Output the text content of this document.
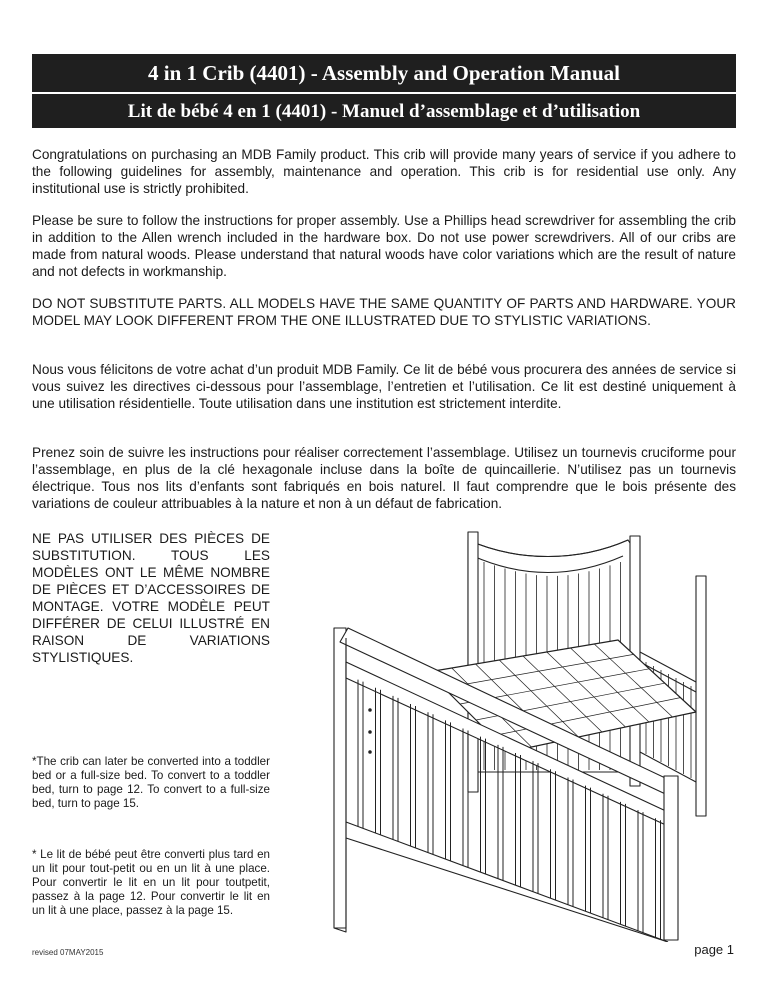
4 in 1 Crib (4401) - Assembly and Operation Manual
Lit de bébé 4 en 1 (4401) - Manuel d’assemblage et d’utilisation

Congratulations on purchasing an MDB Family product. This crib will provide many years of service if you adhere to the following guidelines for assembly, maintenance and operation. This crib is for residential use only. Any institutional use is strictly prohibited.

Please be sure to follow the instructions for proper assembly. Use a Phillips head screwdriver for assembling the crib in addition to the Allen wrench included in the hardware box. Do not use power screwdrivers. All of our cribs are made from natural woods. Please understand that natural woods have color variations which are the result of nature and not defects in workmanship.

DO NOT SUBSTITUTE PARTS. ALL MODELS HAVE THE SAME QUANTITY OF PARTS AND HARDWARE. YOUR MODEL MAY LOOK DIFFERENT FROM THE ONE ILLUSTRATED DUE TO STYLISTIC VARIATIONS.

Nous vous félicitons de votre achat d’un produit MDB Family. Ce lit de bébé vous procurera des années de service si vous suivez les directives ci-dessous pour l’assemblage, l’entretien et l’utilisation. Ce lit est destiné uniquement à une utilisation résidentielle. Toute utilisation dans une institution est strictement interdite.

Prenez soin de suivre les instructions pour réaliser correctement l’assemblage. Utilisez un tournevis cruciforme pour l’assemblage, en plus de la clé hexagonale incluse dans la boîte de quincaillerie. N’utilisez pas un tournevis électrique. Tous nos lits d’enfants sont fabriqués en bois naturel. Il faut comprendre que le bois présente des variations de couleur attribuables à la nature et non à un défaut de fabrication.

NE PAS UTILISER DES PIÈCES DE SUBSTITUTION. TOUS LES MODÈLES ONT LE MÊME NOMBRE DE PIÈCES ET D’ACCESSOIRES DE MONTAGE. VOTRE MODÈLE PEUT DIFFÉRER DE CELUI ILLUSTRÉ EN RAISON DE VARIATIONS STYLISTIQUES.

*The crib can later be converted into a toddler bed or a full-size bed. To convert to a toddler bed, turn to page 12. To convert to a full-size bed, turn to page 15.

* Le lit de bébé peut être converti plus tard en un lit pour tout-petit ou en un lit à une place. Pour convertir le lit en un lit pour toutpetit, passez à la page 12. Pour convertir le lit en un lit à une place, passez à la page 15.

revised 07MAY2015	page 1
